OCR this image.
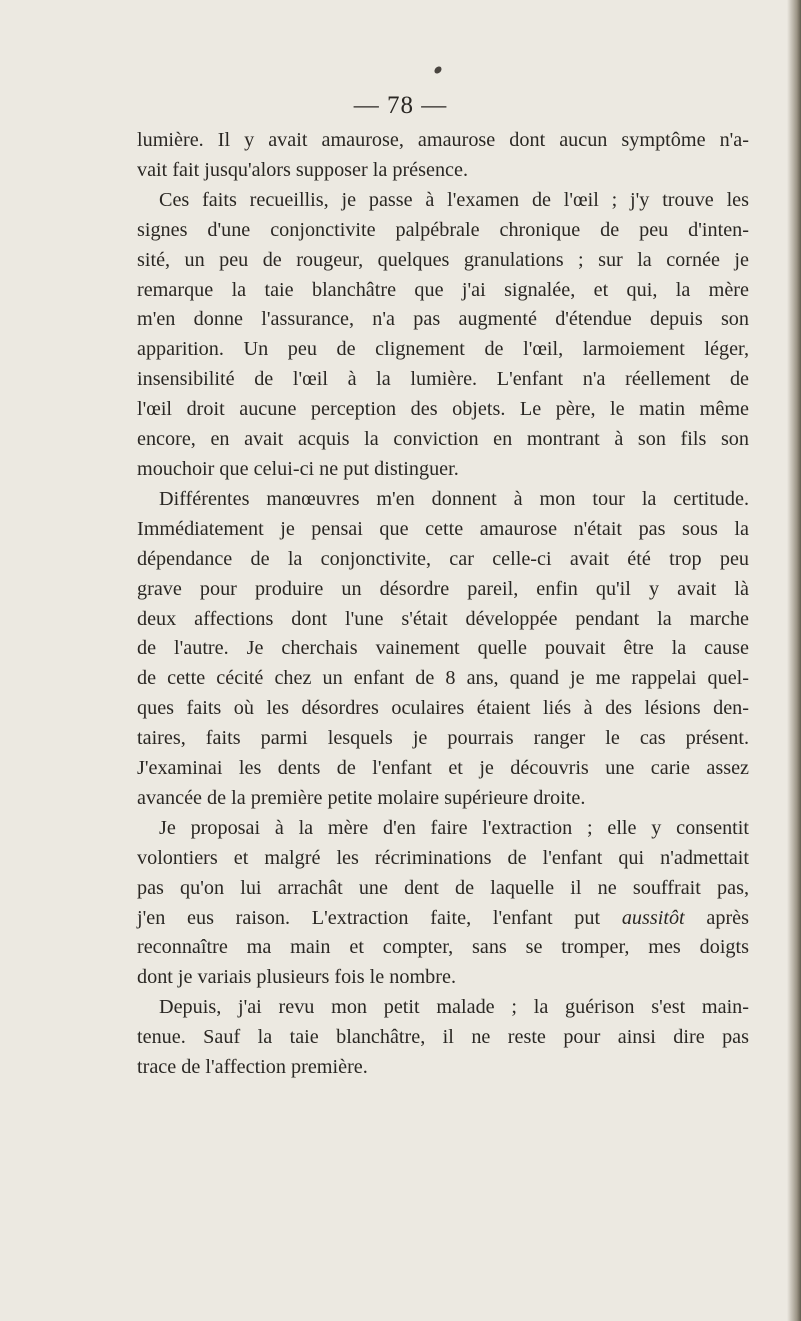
— 78 —

lumière. Il y avait amaurose, amaurose dont aucun symptôme n'a-
vait fait jusqu'alors supposer la présence.

Ces faits recueillis, je passe à l'examen de l'œil ; j'y trouve les
signes d'une conjonctivite palpébrale chronique de peu d'inten-
sité, un peu de rougeur, quelques granulations ; sur la cornée je
remarque la taie blanchâtre que j'ai signalée, et qui, la mère
m'en donne l'assurance, n'a pas augmenté d'étendue depuis son
apparition. Un peu de clignement de l'œil, larmoiement léger,
insensibilité de l'œil à la lumière. L'enfant n'a réellement de
l'œil droit aucune perception des objets. Le père, le matin même
encore, en avait acquis la conviction en montrant à son fils son
mouchoir que celui-ci ne put distinguer.

Différentes manœuvres m'en donnent à mon tour la certitude.
Immédiatement je pensai que cette amaurose n'était pas sous la
dépendance de la conjonctivite, car celle-ci avait été trop peu
grave pour produire un désordre pareil, enfin qu'il y avait là
deux affections dont l'une s'était développée pendant la marche
de l'autre. Je cherchais vainement quelle pouvait être la cause
de cette cécité chez un enfant de 8 ans, quand je me rappelai quel-
ques faits où les désordres oculaires étaient liés à des lésions den-
taires, faits parmi lesquels je pourrais ranger le cas présent.
J'examinai les dents de l'enfant et je découvris une carie assez
avancée de la première petite molaire supérieure droite.

Je proposai à la mère d'en faire l'extraction ; elle y consentit
volontiers et malgré les récriminations de l'enfant qui n'admettait
pas qu'on lui arrachât une dent de laquelle il ne souffrait pas,
j'en eus raison. L'extraction faite, l'enfant put aussitôt après
reconnaître ma main et compter, sans se tromper, mes doigts
dont je variais plusieurs fois le nombre.

Depuis, j'ai revu mon petit malade ; la guérison s'est main-
tenue. Sauf la taie blanchâtre, il ne reste pour ainsi dire pas
trace de l'affection première.
